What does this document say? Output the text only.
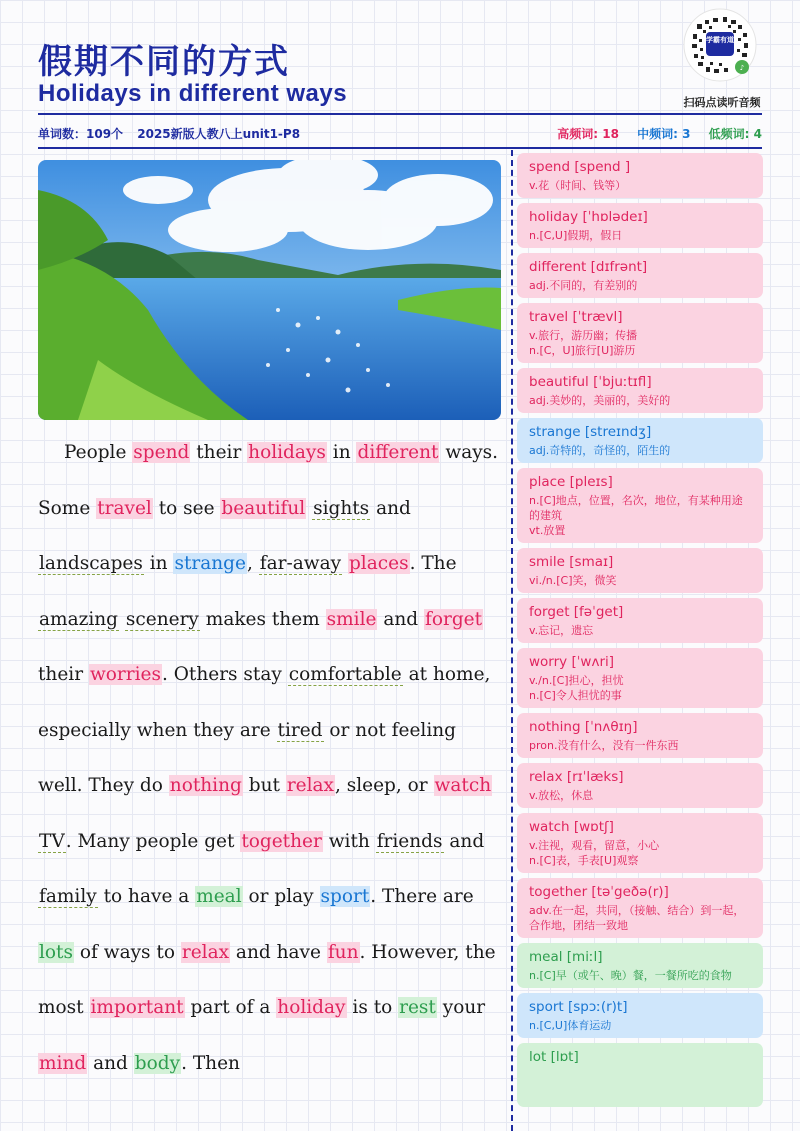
假期不同的方式
Holidays in different ways
学霸有道
♪
扫码点读听音频
单词数：109个 2025新版人教八上unit1-P8	高频词: 18 中频词: 3 低频词: 4

People spend their holidays in different ways. Some travel to see beautiful sights and landscapes in strange, far-away places. The amazing scenery makes them smile and forget their worries. Others stay comfortable at home, especially when they are tired or not feeling well. They do nothing but relax, sleep, or watch TV. Many people get together with friends and family to have a meal or play sport. There are lots of ways to relax and have fun. However, the most important part of a holiday is to rest your mind and body. Then

spend [spend ]
v.花（时间、钱等）
holiday [ˈhɒlədeɪ]
n.[C,U]假期，假日
different [dɪfrənt]
adj.不同的，有差别的
travel [ˈtrævl]
v.旅行，游历幽；传播
n.[C，U]旅行[U]游历
beautiful [ˈbjuːtɪfl]
adj.美妙的，美丽的，美好的
strange [streɪndʒ]
adj.奇特的，奇怪的，陌生的
place [pleɪs]
n.[C]地点，位置，名次，地位，有某种用途的建筑
vt.放置
smile [smaɪ]
vi./n.[C]笑，微笑
forget [fəˈget]
v.忘记，遗忘
worry [ˈwʌri]
v./n.[C]担心，担忧
n.[C]令人担忧的事
nothing [ˈnʌθɪŋ]
pron.没有什么，没有一件东西
relax [rɪˈlæks]
v.放松，休息
watch [wɒtʃ]
v.注视，观看，留意，小心
n.[C]表，手表[U]观察
together [təˈgeðə(r)]
adv.在一起，共同，（接触、结合）到一起，合作地，团结一致地
meal [miːl]
n.[C]早（或午、晚）餐，一餐所吃的食物
sport [spɔː(r)t]
n.[C,U]体育运动
lot [lɒt]
